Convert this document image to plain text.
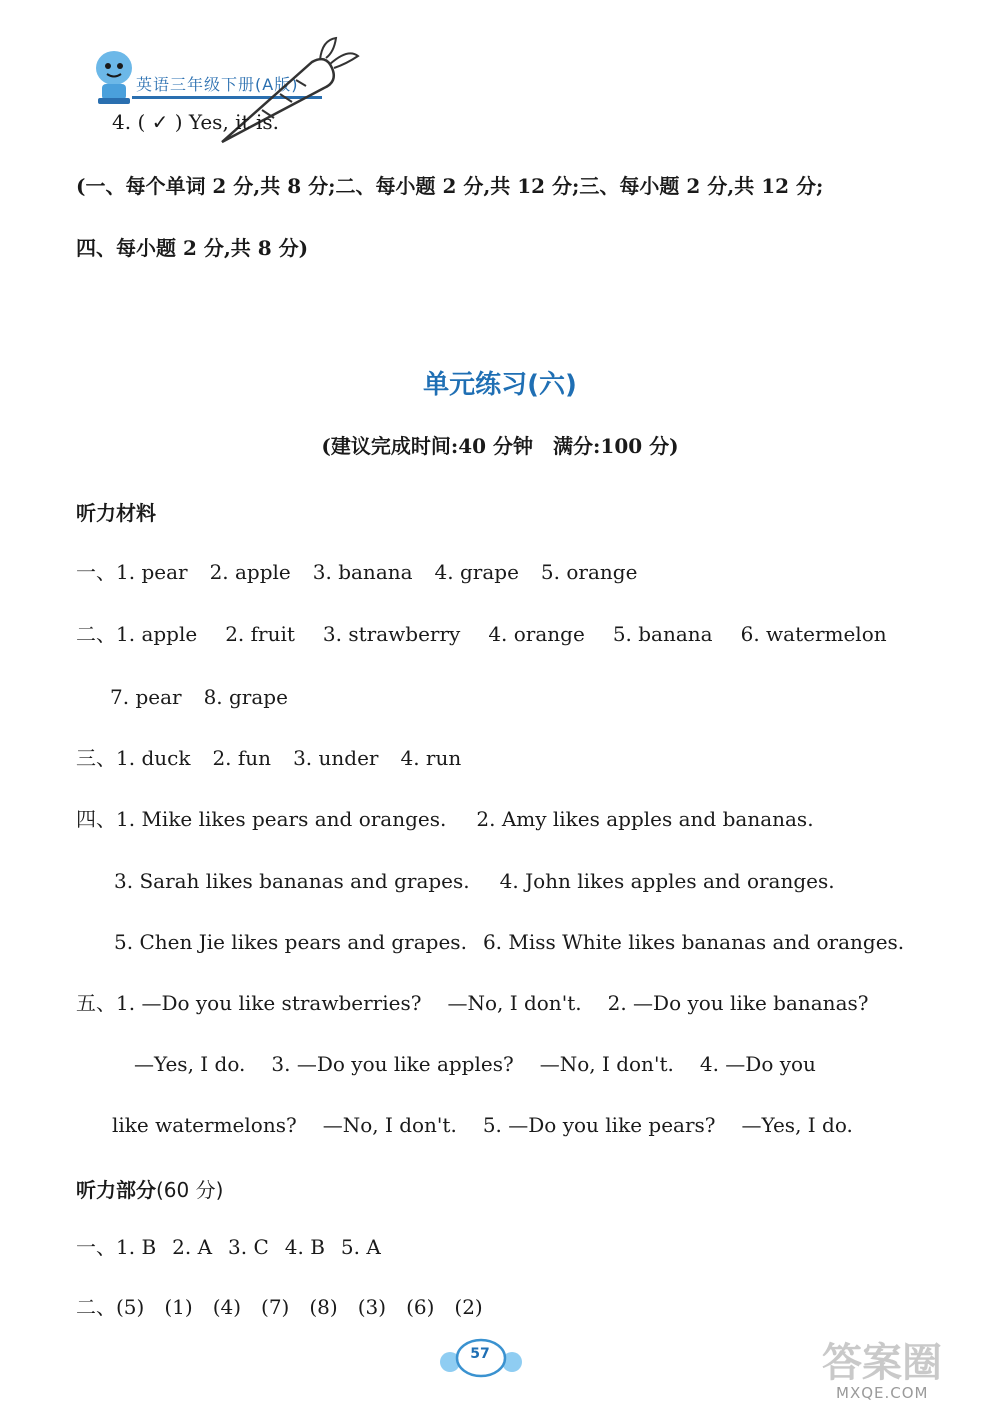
英语三年级下册(A版)
4. ( ✓ ) Yes, it is.
(一、每个单词 2 分,共 8 分;二、每小题 2 分,共 12 分;三、每小题 2 分,共 12 分;
四、每小题 2 分,共 8 分)
单元练习(六)
(建议完成时间:40 分钟　满分:100 分)
听力材料
一、1. pear 2. apple 3. banana 4. grape 5. orange
二、1. apple 2. fruit 3. strawberry 4. orange 5. banana 6. watermelon
7. pear 8. grape
三、1. duck 2. fun 3. under 4. run
四、1. Mike likes pears and oranges. 2. Amy likes apples and bananas.
3. Sarah likes bananas and grapes. 4. John likes apples and oranges.
5. Chen Jie likes pears and grapes. 6. Miss White likes bananas and oranges.
五、1. —Do you like strawberries? —No, I don't. 2. —Do you like bananas?
—Yes, I do. 3. —Do you like apples? —No, I don't. 4. —Do you
like watermelons? —No, I don't. 5. —Do you like pears? —Yes, I do.
听力部分(60 分)
一、1. B 2. A 3. C 4. B 5. A
二、(5) (1) (4) (7) (8) (3) (6) (2)
57	答案圈
MXQE.COM
